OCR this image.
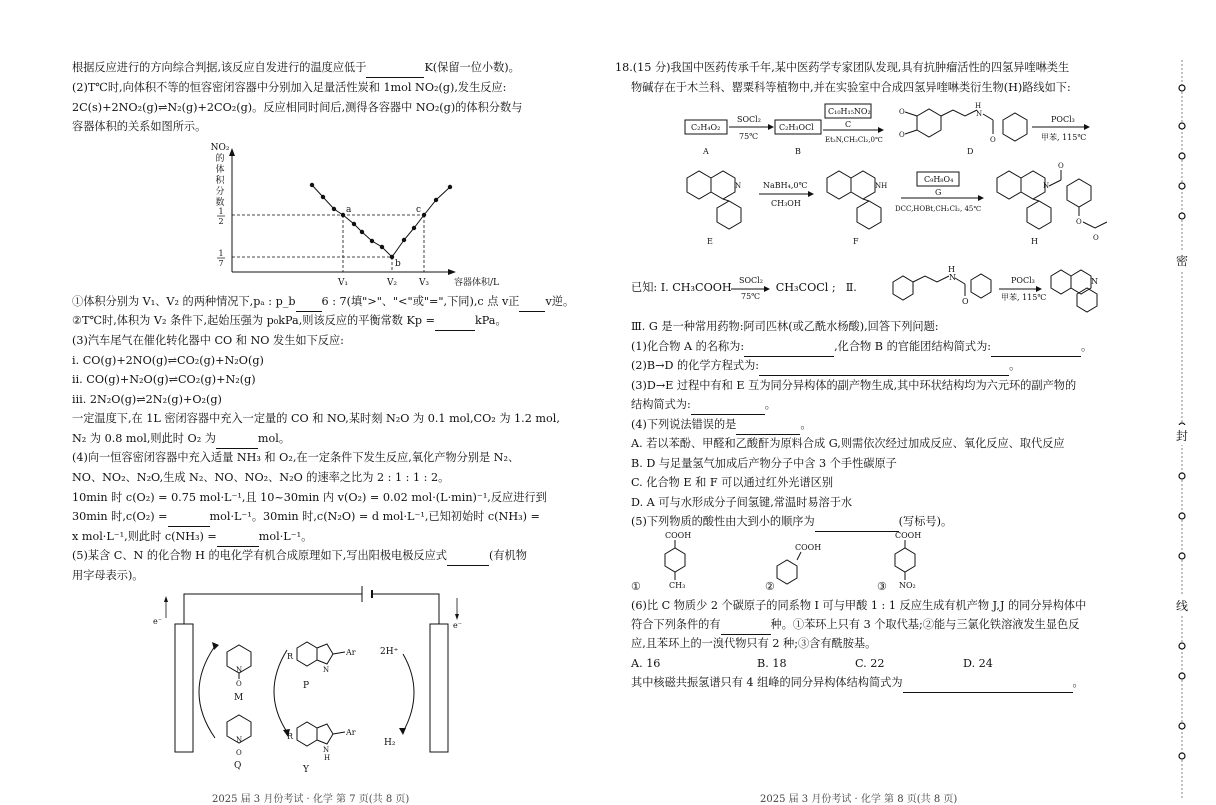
根据反应进行的方向综合判据,该反应自发进行的温度应低于	K(保留一位小数)。
(2)T℃时,向体积不等的恒容密闭容器中分别加入足量活性炭和 1mol NO₂(g),发生反应:
2C(s)+2NO₂(g)⇌N₂(g)+2CO₂(g)。反应相同时间后,测得各容器中 NO₂(g)的体积分数与
容器体积的关系如图所示。
NO₂
的
体
积
分
数
a
b
c
1
2
1
7
V₁	V₂ V₃	容器体积/L
①体积分别为 V₁、V₂ 的两种情况下,pₐ : p_b 6 : 7(填">"、"<"或"=",下同),c 点 v正 v逆。
②T℃时,体积为 V₂ 条件下,起始压强为 p₀kPa,则该反应的平衡常数 Kp =	kPa。
(3)汽车尾气在催化转化器中 CO 和 NO 发生如下反应:
ⅰ. CO(g)+2NO(g)⇌CO₂(g)+N₂O(g)
ⅱ. CO(g)+N₂O(g)⇌CO₂(g)+N₂(g)
ⅲ. 2N₂O(g)⇌2N₂(g)+O₂(g)
一定温度下,在 1L 密闭容器中充入一定量的 CO 和 NO,某时刻 N₂O 为 0.1 mol,CO₂ 为 1.2 mol,
N₂ 为 0.8 mol,则此时 O₂ 为	mol。
(4)向一恒容密闭容器中充入适量 NH₃ 和 O₂,在一定条件下发生反应,氧化产物分别是 N₂、
NO、NO₂、N₂O,生成 N₂、NO、NO₂、N₂O 的速率之比为 2 : 1 : 1 : 2。
10min 时 c(O₂) = 0.75 mol·L⁻¹,且 10~30min 内 v(O₂) = 0.02 mol·(L·min)⁻¹,反应进行到
30min 时,c(O₂) =	mol·L⁻¹。30min 时,c(N₂O) = d mol·L⁻¹,已知初始时 c(NH₃) =
x mol·L⁻¹,则此时 c(NH₃) =	mol·L⁻¹。
(5)某含 C、N 的化合物 H 的电化学有机合成原理如下,写出阳极电极反应式	(有机物
用字母表示)。
e⁻	e⁻
N
O
M
N
O
Q
R	Ar
N
P
R	Ar
N
H
Y
2H⁺
H₂
18.(15 分)我国中医药传承千年,某中医药学专家团队发现,具有抗肿瘤活性的四氢异喹啉类生
物碱存在于木兰科、罂粟科等植物中,并在实验室中合成四氢异喹啉类衍生物(H)路线如下:
C₂H₄O₂
A
SOCl₂
75℃
C₂H₃OCl
B
C₁₀H₁₅NO₂
C
Et₃N,CH₂Cl₂,0℃
O
O
H
N
O
D
POCl₃
甲苯, 115℃
N
E
NaBH₄,0℃
CH₃OH
NH
F
C₉H₈O₄
G
DCC,HOBt,CH₂Cl₂, 45℃
N
O
O
O
H
已知: Ⅰ. CH₃COOH	CH₃COCl ; Ⅱ.
SOCl₂
75℃
H
N
O
POCl₃
甲苯, 115℃
N
Ⅲ. G 是一种常用药物:阿司匹林(或乙酰水杨酸),回答下列问题:
(1)化合物 A 的名称为:	,化合物 B 的官能团结构简式为:	。
(2)B→D 的化学方程式为:	。
(3)D→E 过程中有和 E 互为同分异构体的副产物生成,其中环状结构均为六元环的副产物的
结构简式为:	。
(4)下列说法错误的是	。
A. 若以苯酚、甲醛和乙酸酐为原料合成 G,则需依次经过加成反应、氧化反应、取代反应
B. D 与足量氢气加成后产物分子中含 3 个手性碳原子
C. 化合物 E 和 F 可以通过红外光谱区别
D. A 可与水形成分子间氢键,常温时易溶于水
(5)下列物质的酸性由大到小的顺序为	(写标号)。
COOH
CH₃
①
COOH
②
COOH
NO₂
③
(6)比 C 物质少 2 个碳原子的同系物 I 可与甲酸 1 : 1 反应生成有机产物 J,J 的同分异构体中
符合下列条件的有	种。①苯环上只有 3 个取代基;②能与三氯化铁溶液发生显色反
应,且苯环上的一溴代物只有 2 种;③含有酰胺基。
A. 16	B. 18	C. 22	D. 24
其中核磁共振氢谱只有 4 组峰的同分异构体结构简式为	。
密
封
线
2025 届 3 月份考试 · 化学 第 7 页(共 8 页)	2025 届 3 月份考试 · 化学 第 8 页(共 8 页)
